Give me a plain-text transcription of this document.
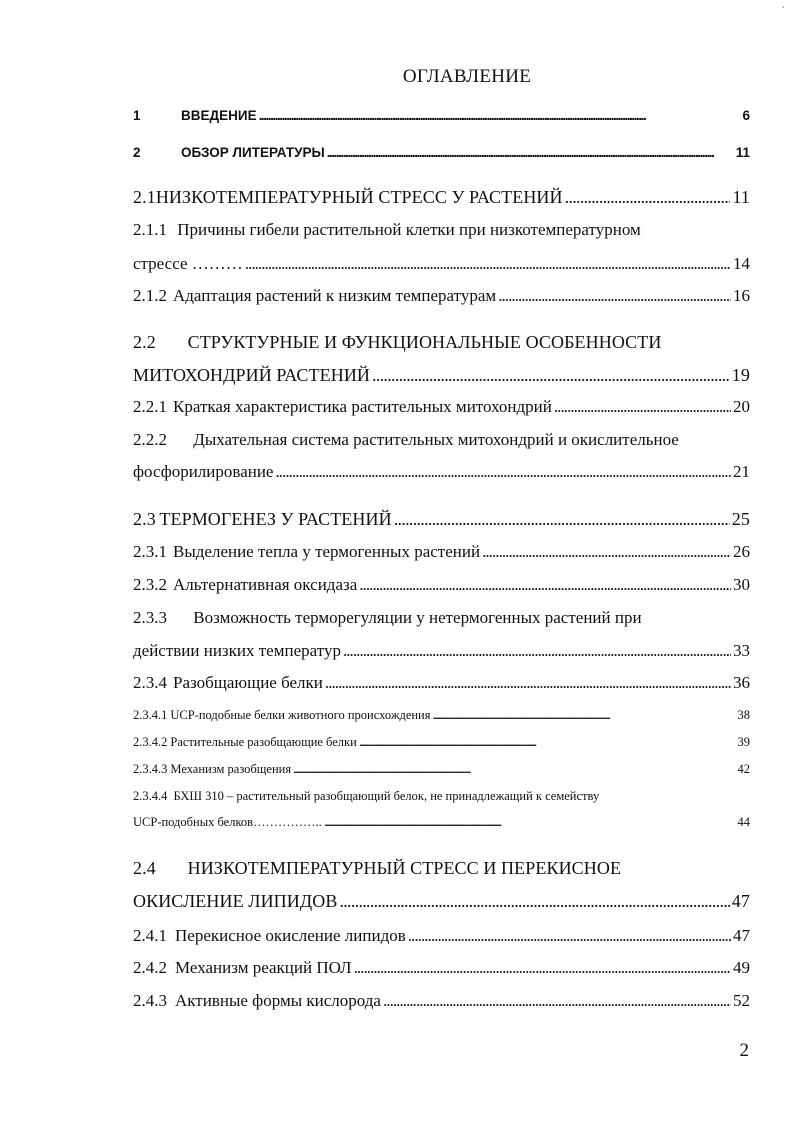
`
ОГЛАВЛЕНИЕ
1	ВВЕДЕНИЕ . . .	6
2	ОБЗОР ЛИТЕРАТУРЫ . . .	11
2.1 НИЗКОТЕМПЕРАТУРНЫЙ СТРЕСС У РАСТЕНИЙ . . .	11
2.1.1 Причины гибели растительной клетки при низкотемпературном
стрессе ……… . . .	14
2.1.2 Адаптация растений к низким температурам . . .	16
2.2 СТРУКТУРНЫЕ И ФУНКЦИОНАЛЬНЫЕ ОСОБЕННОСТИ
МИТОХОНДРИЙ РАСТЕНИЙ . . .	19
2.2.1 Краткая характеристика растительных митохондрий . . .	20
2.2.2 Дыхательная система растительных митохондрий и окислительное
фосфорилирование . . .	21
2.3 ТЕРМОГЕНЕЗ У РАСТЕНИЙ . . .	25
2.3.1 Выделение тепла у термогенных растений . . .	26
2.3.2 Альтернативная оксидаза . . .	30
2.3.3 Возможность терморегуляции у нетермогенных растений при
действии низких температур . . .	33
2.3.4 Разобщающие белки . . .	36
2.3.4.1 UCP-подобные белки животного происхождения . . .	38
2.3.4.2 Растительные разобщающие белки . . .	39
2.3.4.3 Механизм разобщения . . .	42
2.3.4.4 БХШ 310 – растительный разобщающий белок, не принадлежащий к семейству
UCP-подобных белков…………….. . . .	44
2.4 НИЗКОТЕМПЕРАТУРНЫЙ СТРЕСС И ПЕРЕКИСНОЕ
ОКИСЛЕНИЕ ЛИПИДОВ . . .	47
2.4.1 Перекисное окисление липидов . . .	47
2.4.2 Механизм реакций ПОЛ . . .	49
2.4.3 Активные формы кислорода . . .	52
2
